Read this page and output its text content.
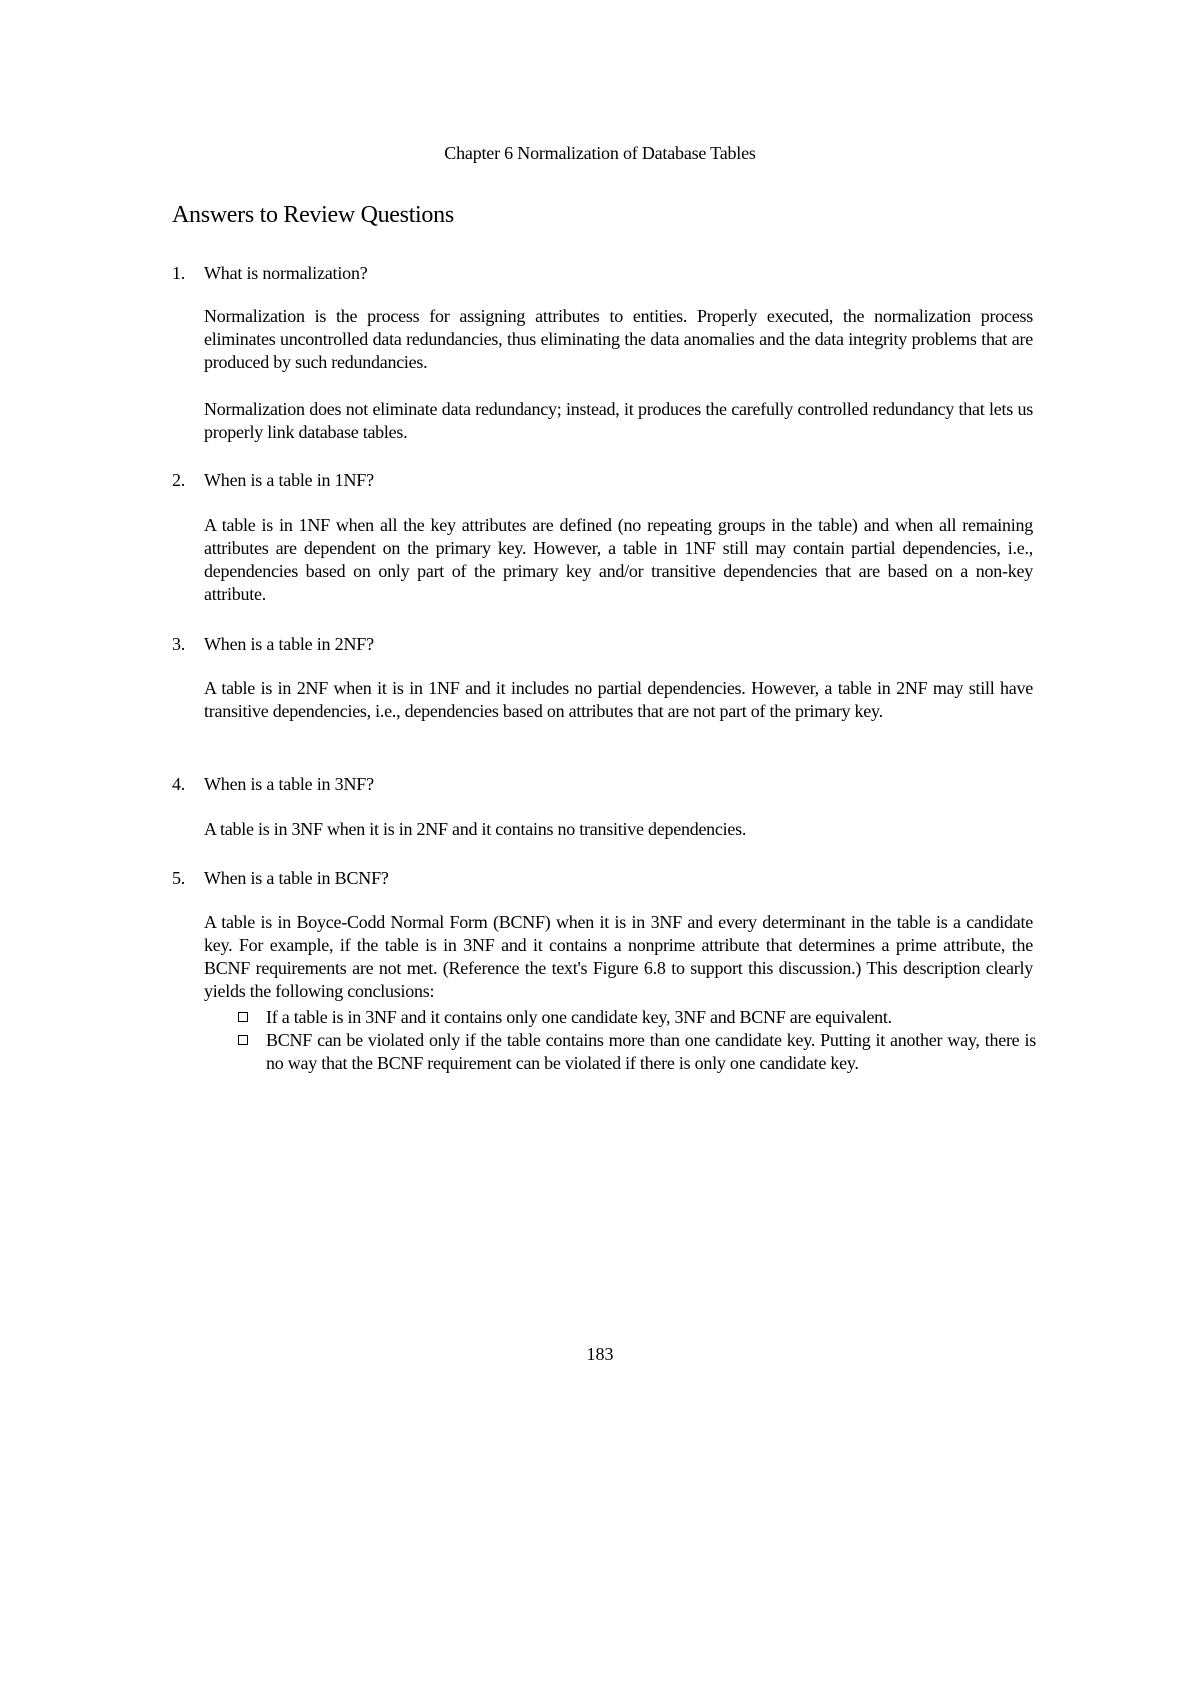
Chapter 6 Normalization of Database Tables
Answers to Review Questions
1. What is normalization?

Normalization is the process for assigning attributes to entities. Properly executed, the normalization process eliminates uncontrolled data redundancies, thus eliminating the data anomalies and the data integrity problems that are produced by such redundancies.

Normalization does not eliminate data redundancy; instead, it produces the carefully controlled redundancy that lets us properly link database tables.

2. When is a table in 1NF?

A table is in 1NF when all the key attributes are defined (no repeating groups in the table) and when all remaining attributes are dependent on the primary key. However, a table in 1NF still may contain partial dependencies, i.e., dependencies based on only part of the primary key and/or transitive dependencies that are based on a non-key attribute.

3. When is a table in 2NF?

A table is in 2NF when it is in 1NF and it includes no partial dependencies. However, a table in 2NF may still have transitive dependencies, i.e., dependencies based on attributes that are not part of the primary key.

4. When is a table in 3NF?

A table is in 3NF when it is in 2NF and it contains no transitive dependencies.

5. When is a table in BCNF?

A table is in Boyce-Codd Normal Form (BCNF) when it is in 3NF and every determinant in the table is a candidate key. For example, if the table is in 3NF and it contains a nonprime attribute that determines a prime attribute, the BCNF requirements are not met. (Reference the text's Figure 6.8 to support this discussion.) This description clearly yields the following conclusions:

If a table is in 3NF and it contains only one candidate key, 3NF and BCNF are equivalent.
BCNF can be violated only if the table contains more than one candidate key. Putting it another way, there is no way that the BCNF requirement can be violated if there is only one candidate key.
183
